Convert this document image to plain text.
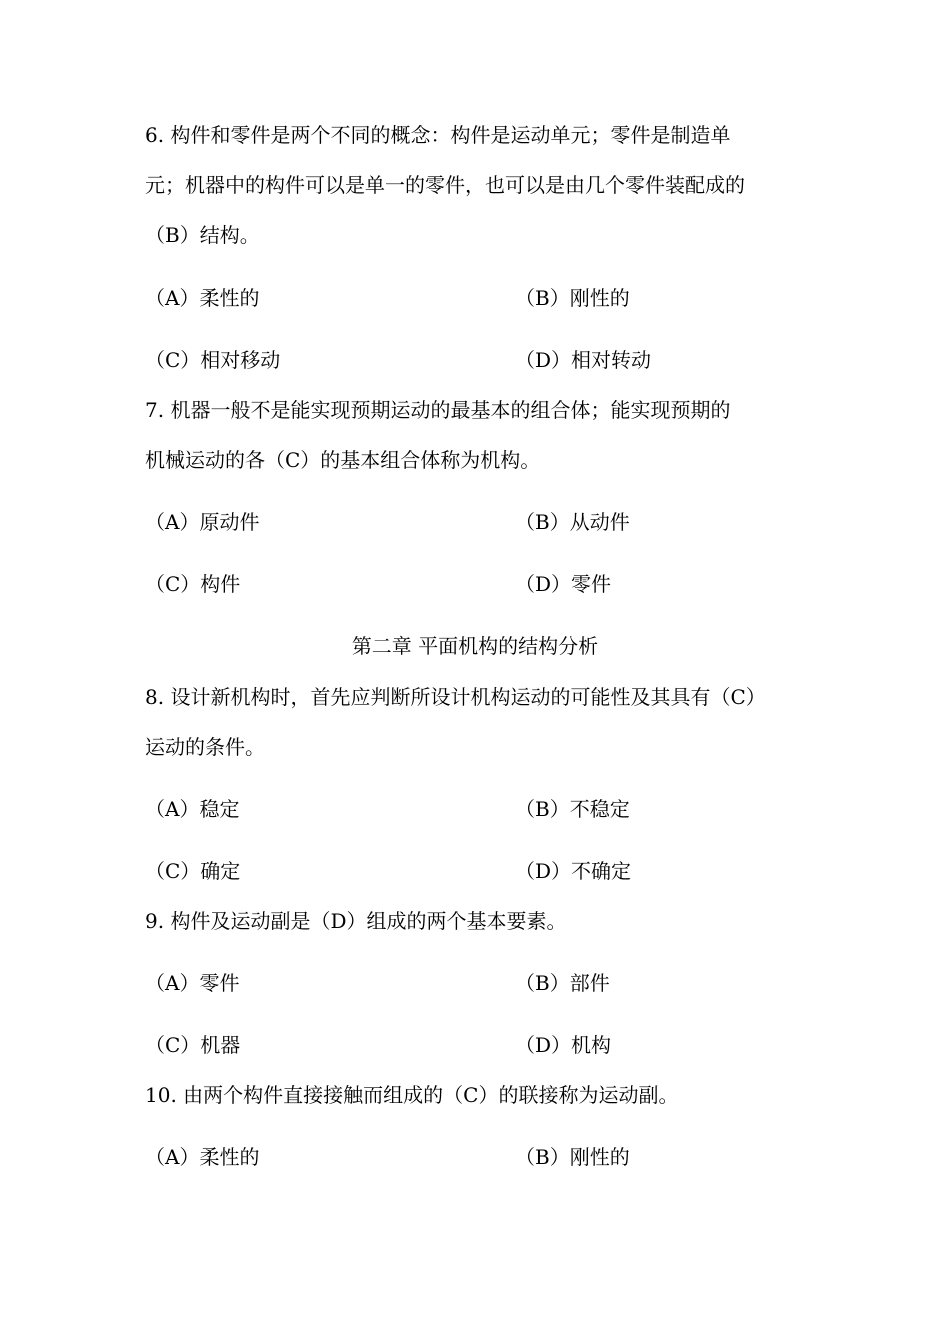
6. 构件和零件是两个不同的概念：构件是运动单元；零件是制造单
元；机器中的构件可以是单一的零件，也可以是由几个零件装配成的
（B）结构。
（A）柔性的	（B）刚性的
（C）相对移动	（D）相对转动
7. 机器一般不是能实现预期运动的最基本的组合体；能实现预期的
机械运动的各（C）的基本组合体称为机构。
（A）原动件	（B）从动件
（C）构件	（D）零件
第二章 平面机构的结构分析
8. 设计新机构时，首先应判断所设计机构运动的可能性及其具有（C）
运动的条件。
（A）稳定	（B）不稳定
（C）确定	（D）不确定
9. 构件及运动副是（D）组成的两个基本要素。
（A）零件	（B）部件
（C）机器	（D）机构
10. 由两个构件直接接触而组成的（C）的联接称为运动副。
（A）柔性的	（B）刚性的
